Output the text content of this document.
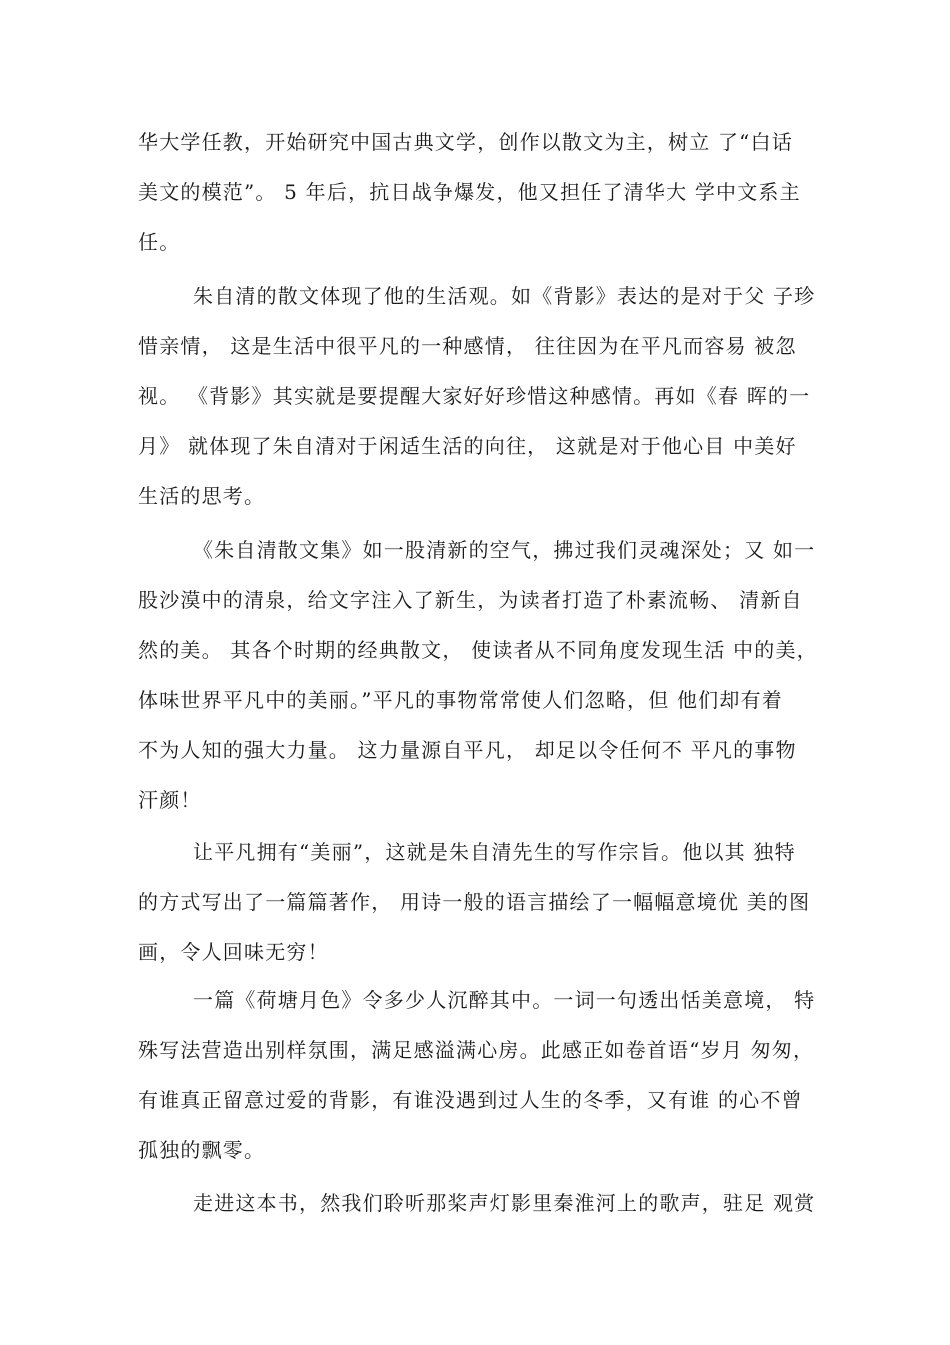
华大学任教，开始研究中国古典文学，创作以散文为主，树立 了“白话
美文的模范”。 5 年后，抗日战争爆发，他又担任了清华大 学中文系主
任。
朱自清的散文体现了他的生活观。如《背影》表达的是对于父 子珍
惜亲情， 这是生活中很平凡的一种感情， 往往因为在平凡而容易 被忽
视。 《背影》其实就是要提醒大家好好珍惜这种感情。再如《春 晖的一
月》 就体现了朱自清对于闲适生活的向往， 这就是对于他心目 中美好
生活的思考。
《朱自清散文集》如一股清新的空气，拂过我们灵魂深处；又 如一
股沙漠中的清泉，给文字注入了新生，为读者打造了朴素流畅、 清新自
然的美。 其各个时期的经典散文， 使读者从不同角度发现生活 中的美，
体味世界平凡中的美丽。”平凡的事物常常使人们忽略，但 他们却有着
不为人知的强大力量。 这力量源自平凡， 却足以令任何不 平凡的事物
汗颜！
让平凡拥有“美丽”，这就是朱自清先生的写作宗旨。他以其 独特
的方式写出了一篇篇著作， 用诗一般的语言描绘了一幅幅意境优 美的图
画，令人回味无穷！
一篇《荷塘月色》令多少人沉醉其中。一词一句透出恬美意境， 特
殊写法营造出别样氛围，满足感溢满心房。此感正如卷首语“岁月 匆匆，
有谁真正留意过爱的背影，有谁没遇到过人生的冬季，又有谁 的心不曾
孤独的飘零。
走进这本书，然我们聆听那桨声灯影里秦淮河上的歌声，驻足 观赏
